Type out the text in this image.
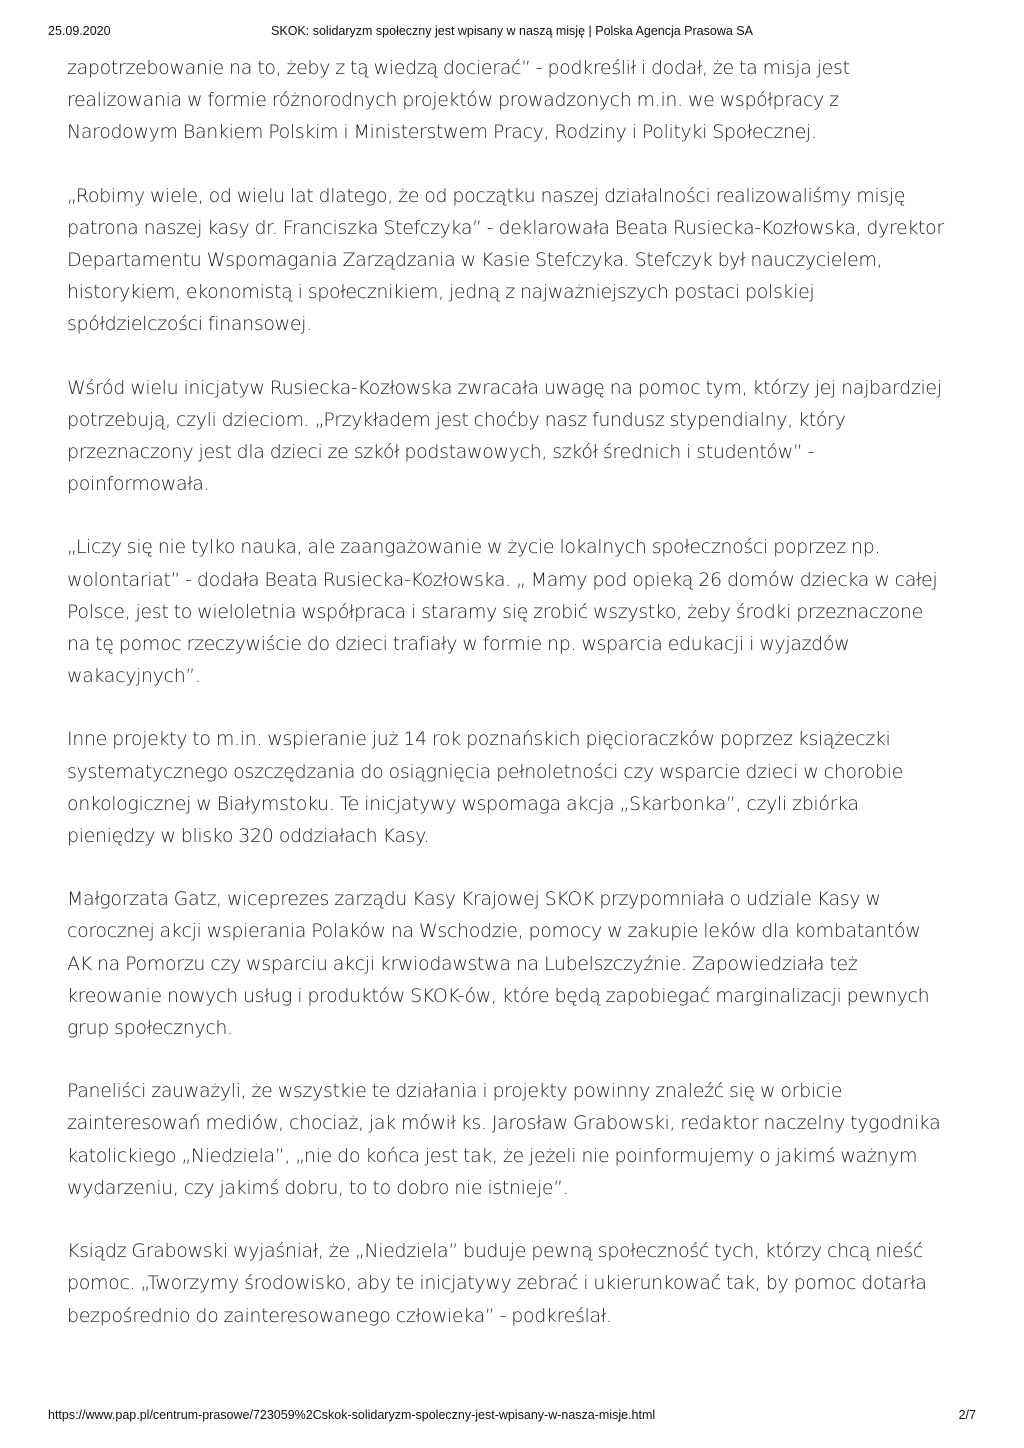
25.09.2020	SKOK: solidaryzm społeczny jest wpisany w naszą misję | Polska Agencja Prasowa SA

zapotrzebowanie na to, żeby z tą wiedzą docierać” - podkreślił i dodał, że ta misja jest realizowania w formie różnorodnych projektów prowadzonych m.in. we współpracy z Narodowym Bankiem Polskim i Ministerstwem Pracy, Rodziny i Polityki Społecznej.

„Robimy wiele, od wielu lat dlatego, że od początku naszej działalności realizowaliśmy misję patrona naszej kasy dr. Franciszka Stefczyka” - deklarowała Beata Rusiecka-Kozłowska, dyrektor Departamentu Wspomagania Zarządzania w Kasie Stefczyka. Stefczyk był nauczycielem, historykiem, ekonomistą i społecznikiem, jedną z najważniejszych postaci polskiej spółdzielczości finansowej.

Wśród wielu inicjatyw Rusiecka-Kozłowska zwracała uwagę na pomoc tym, którzy jej najbardziej potrzebują, czyli dzieciom. „Przykładem jest choćby nasz fundusz stypendialny, który przeznaczony jest dla dzieci ze szkół podstawowych, szkół średnich i studentów” - poinformowała.

„Liczy się nie tylko nauka, ale zaangażowanie w życie lokalnych społeczności poprzez np. wolontariat” - dodała Beata Rusiecka-Kozłowska. „ Mamy pod opieką 26 domów dziecka w całej Polsce, jest to wieloletnia współpraca i staramy się zrobić wszystko, żeby środki przeznaczone na tę pomoc rzeczywiście do dzieci trafiały w formie np. wsparcia edukacji i wyjazdów wakacyjnych”.

Inne projekty to m.in. wspieranie już 14 rok poznańskich pięcioraczków poprzez książeczki systematycznego oszczędzania do osiągnięcia pełnoletności czy wsparcie dzieci w chorobie onkologicznej w Białymstoku. Te inicjatywy wspomaga akcja „Skarbonka”, czyli zbiórka pieniędzy w blisko 320 oddziałach Kasy.

Małgorzata Gatz, wiceprezes zarządu Kasy Krajowej SKOK przypomniała o udziale Kasy w corocznej akcji wspierania Polaków na Wschodzie, pomocy w zakupie leków dla kombatantów AK na Pomorzu czy wsparciu akcji krwiodawstwa na Lubelszczyźnie. Zapowiedziała też kreowanie nowych usług i produktów SKOK-ów, które będą zapobiegać marginalizacji pewnych grup społecznych.

Paneliści zauważyli, że wszystkie te działania i projekty powinny znaleźć się w orbicie zainteresowań mediów, chociaż, jak mówił ks. Jarosław Grabowski, redaktor naczelny tygodnika katolickiego „Niedziela”, „nie do końca jest tak, że jeżeli nie poinformujemy o jakimś ważnym wydarzeniu, czy jakimś dobru, to to dobro nie istnieje”.

Ksiądz Grabowski wyjaśniał, że „Niedziela” buduje pewną społeczność tych, którzy chcą nieść pomoc. „Tworzymy środowisko, aby te inicjatywy zebrać i ukierunkować tak, by pomoc dotarła bezpośrednio do zainteresowanego człowieka” - podkreślał.

https://www.pap.pl/centrum-prasowe/723059%2Cskok-solidaryzm-spoleczny-jest-wpisany-w-nasza-misje.html	2/7
